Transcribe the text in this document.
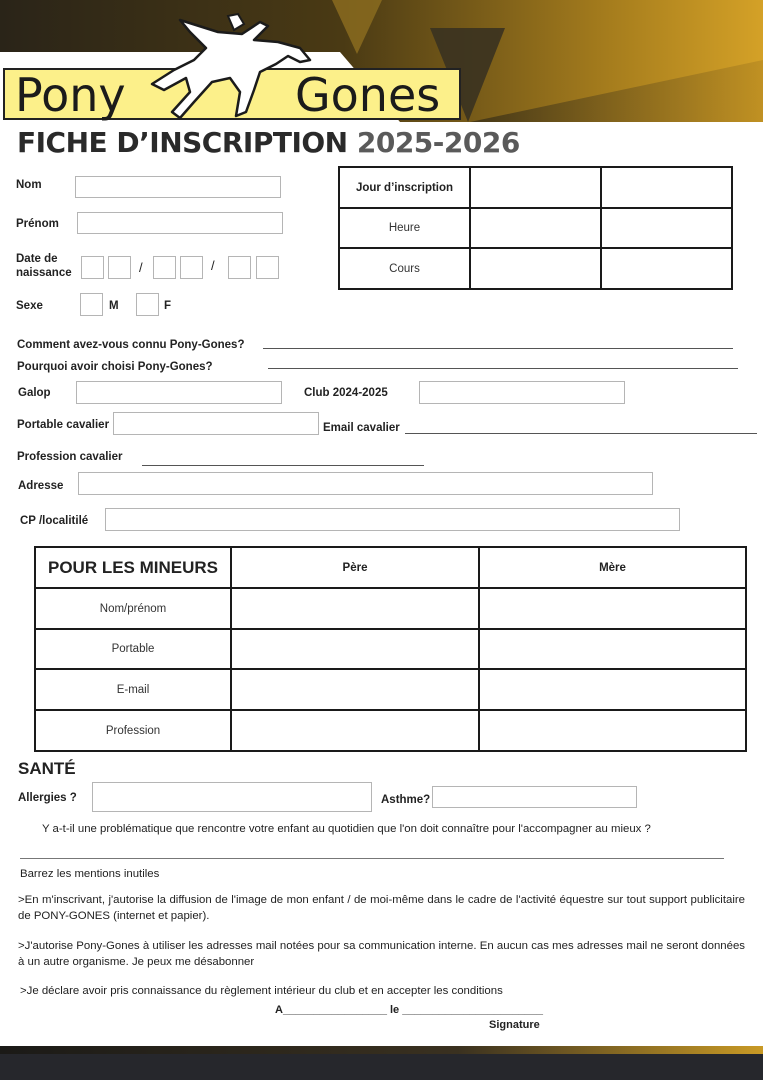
Pony	Gones
FICHE D’INSCRIPTION 2025-2026
Nom
Prénom
Date de
naissance	/	/
Sexe	M	F
Jour d’inscription		
Heure		
Cours		
Comment avez-vous connu Pony-Gones?
Pourquoi avoir choisi Pony-Gones?
Galop	Club 2024-2025
Portable cavalier	Email cavalier
Profession cavalier
Adresse
CP /localitilé
POUR LES MINEURS	Père	Mère
Nom/prénom		
Portable		
E-mail		
Profession		
SANTÉ
Allergies ?	Asthme?
Y a-t-il une problématique que rencontre votre enfant au quotidien que l'on doit connaître pour l'accompagner au mieux ?
Barrez les mentions inutiles
>En m'inscrivant, j'autorise la diffusion de l'image de mon enfant / de moi-même dans le cadre de l'activité équestre sur tout support publicitaire de PONY-GONES (internet et papier).
>J'autorise Pony-Gones à utiliser les adresses mail notées pour sa communication interne. En aucun cas mes adresses mail ne seront données à un autre organisme. Je peux me désabonner
>Je déclare avoir pris connaissance du règlement intérieur du club et en accepter les conditions
A_________________ le _______________________
Signature
